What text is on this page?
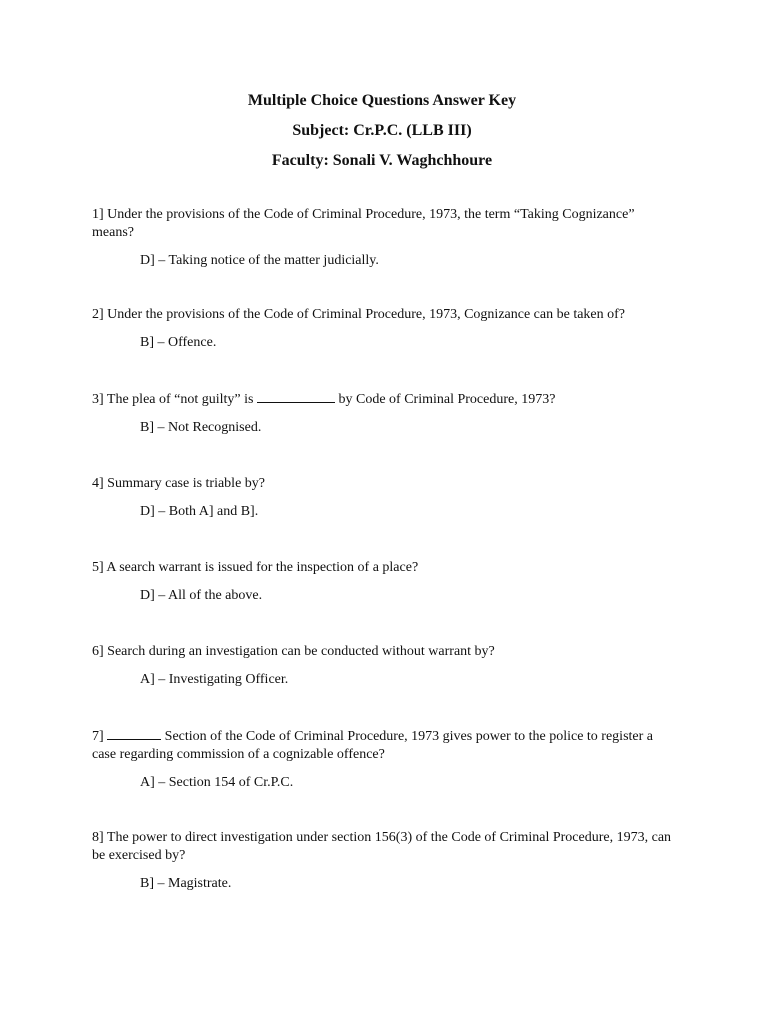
Multiple Choice Questions Answer Key
Subject: Cr.P.C. (LLB III)
Faculty: Sonali V. Waghchhoure

1] Under the provisions of the Code of Criminal Procedure, 1973, the term “Taking Cognizance” means?

D] – Taking notice of the matter judicially.

2] Under the provisions of the Code of Criminal Procedure, 1973, Cognizance can be taken of?

B] – Offence.

3] The plea of “not guilty” is	by Code of Criminal Procedure, 1973?

B] – Not Recognised.

4] Summary case is triable by?

D] – Both A] and B].

5] A search warrant is issued for the inspection of a place?

D] – All of the above.

6] Search during an investigation can be conducted without warrant by?

A] – Investigating Officer.

7]	Section of the Code of Criminal Procedure, 1973 gives power to the police to register a case regarding commission of a cognizable offence?

A] – Section 154 of Cr.P.C.

8] The power to direct investigation under section 156(3) of the Code of Criminal Procedure, 1973, can be exercised by?

B] – Magistrate.
